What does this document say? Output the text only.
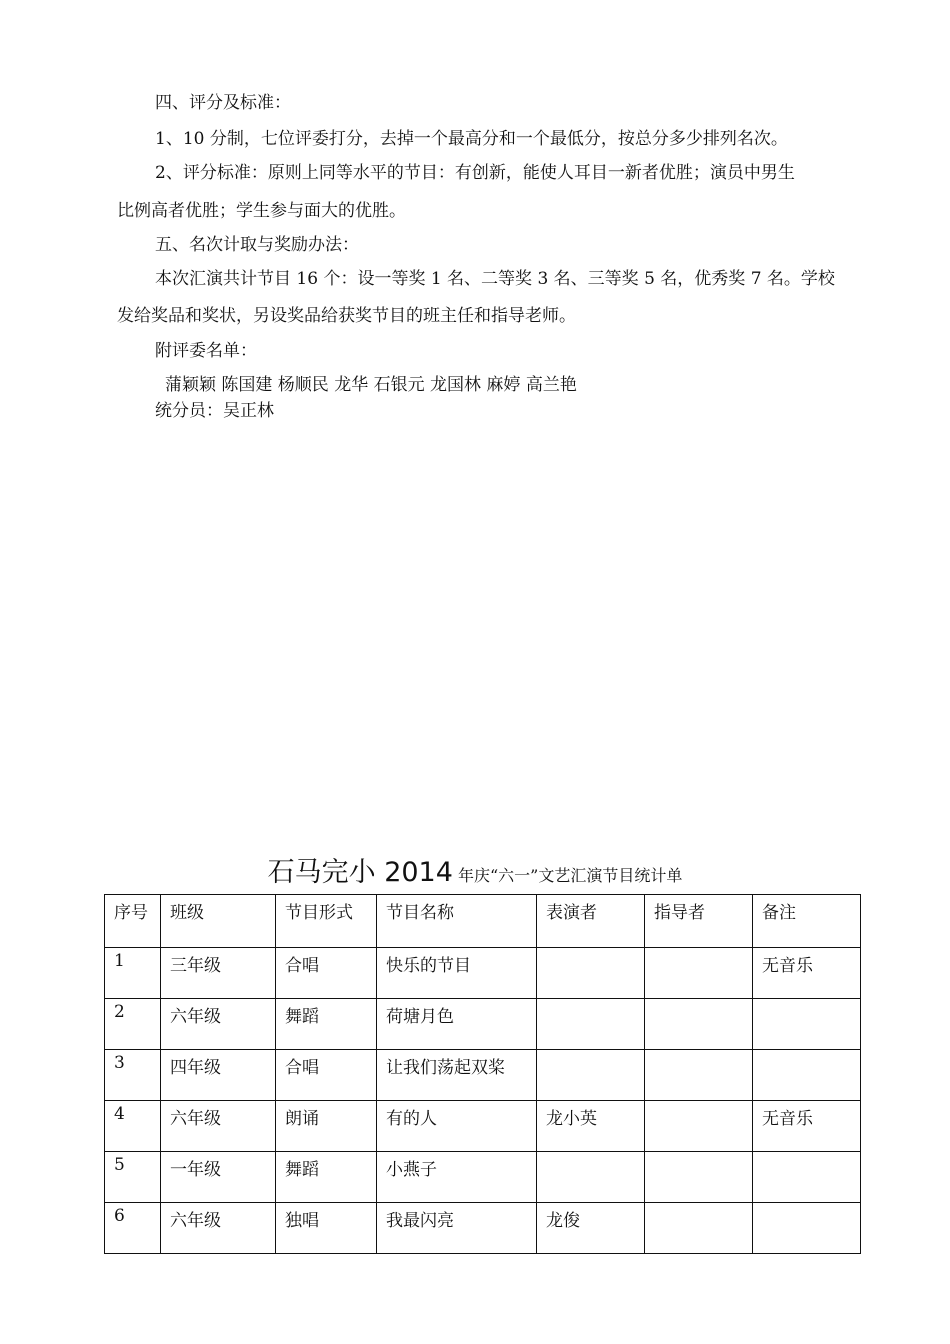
四、评分及标准：

1、10 分制，七位评委打分，去掉一个最高分和一个最低分，按总分多少排列名次。

2、评分标准：原则上同等水平的节目：有创新，能使人耳目一新者优胜；演员中男生

比例高者优胜；学生参与面大的优胜。

五、名次计取与奖励办法：

本次汇演共计节目 16 个：设一等奖 1 名、二等奖 3 名、三等奖 5 名，优秀奖 7 名。学校

发给奖品和奖状，另设奖品给获奖节目的班主任和指导老师。

附评委名单：

蒲颖颖 陈国建 杨顺民 龙华 石银元 龙国林 麻婷 高兰艳

统分员：吴正林

石马完小 2014 年庆“六一”文艺汇演节目统计单
序号	班级	节目形式	节目名称	表演者	指导者	备注
1	三年级	合唱	快乐的节目			无音乐
2	六年级	舞蹈	荷塘月色			
3	四年级	合唱	让我们荡起双桨			
4	六年级	朗诵	有的人	龙小英		无音乐
5	一年级	舞蹈	小燕子			
6	六年级	独唱	我最闪亮	龙俊		
